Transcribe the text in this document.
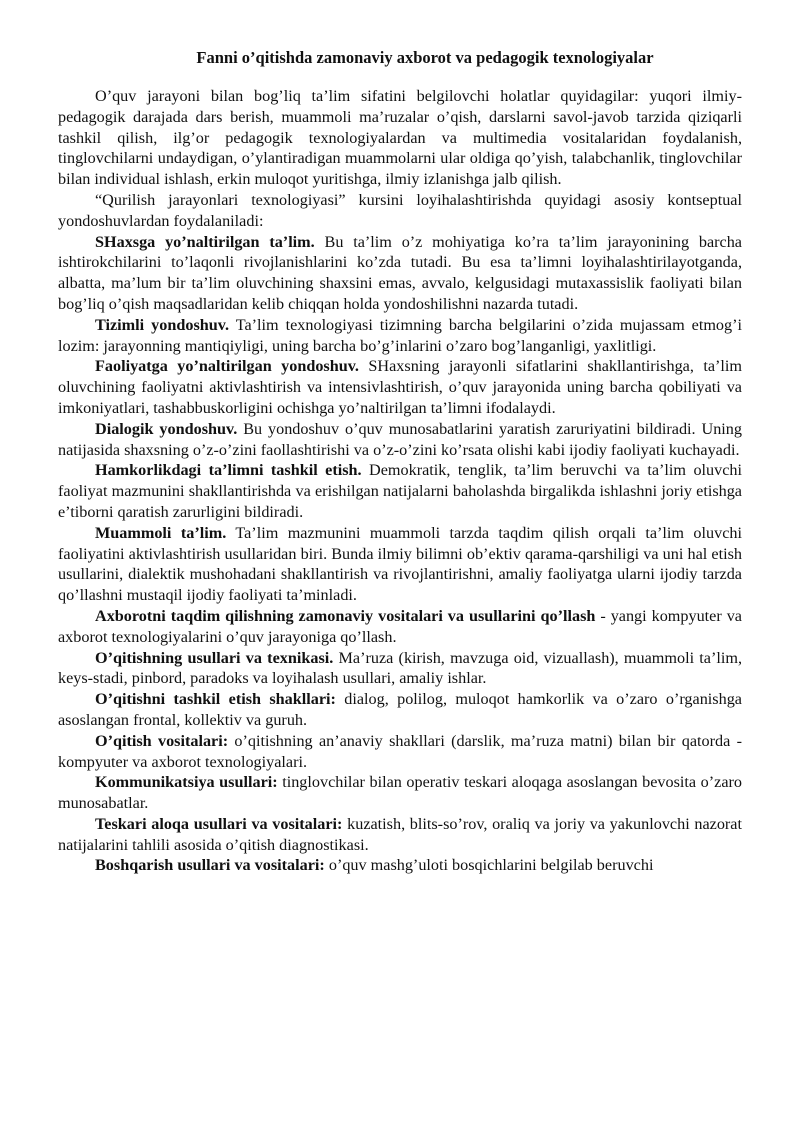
Fanni o’qitishda zamonaviy axborot va pedagogik texnologiyalar

O’quv jarayoni bilan bog’liq ta’lim sifatini belgilovchi holatlar quyidagilar: yuqori ilmiy-pedagogik darajada dars berish, muammoli ma’ruzalar o’qish, darslarni savol-javob tarzida qiziqarli tashkil qilish, ilg’or pedagogik texnologiyalardan va multimedia vositalaridan foydalanish, tinglovchilarni undaydigan, o’ylantiradigan muammolarni ular oldiga qo’yish, talabchanlik, tinglovchilar bilan individual ishlash, erkin muloqot yuritishga, ilmiy izlanishga jalb qilish.

“Qurilish jarayonlari texnologiyasi” kursini loyihalashtirishda quyidagi asosiy kontseptual yondoshuvlardan foydalaniladi:

SHaxsga yo’naltirilgan ta’lim. Bu ta’lim o’z mohiyatiga ko’ra ta’lim jarayonining barcha ishtirokchilarini to’laqonli rivojlanishlarini ko’zda tutadi. Bu esa ta’limni loyihalashtirilayotganda, albatta, ma’lum bir ta’lim oluvchining shaxsini emas, avvalo, kelgusidagi mutaxassislik faoliyati bilan bog’liq o’qish maqsadlaridan kelib chiqqan holda yondoshilishni nazarda tutadi.

Tizimli yondoshuv. Ta’lim texnologiyasi tizimning barcha belgilarini o’zida mujassam etmog’i lozim: jarayonning mantiqiyligi, uning barcha bo’g’inlarini o’zaro bog’langanligi, yaxlitligi.

Faoliyatga yo’naltirilgan yondoshuv. SHaxsning jarayonli sifatlarini shakllantirishga, ta’lim oluvchining faoliyatni aktivlashtirish va intensivlashtirish, o’quv jarayonida uning barcha qobiliyati va imkoniyatlari, tashabbuskorligini ochishga yo’naltirilgan ta’limni ifodalaydi.

Dialogik yondoshuv. Bu yondoshuv o’quv munosabatlarini yaratish zaruriyatini bildiradi. Uning natijasida shaxsning o’z-o’zini faollashtirishi va o’z-o’zini ko’rsata olishi kabi ijodiy faoliyati kuchayadi.

Hamkorlikdagi ta’limni tashkil etish. Demokratik, tenglik, ta’lim beruvchi va ta’lim oluvchi faoliyat mazmunini shakllantirishda va erishilgan natijalarni baholashda birgalikda ishlashni joriy etishga e’tiborni qaratish zarurligini bildiradi.

Muammoli ta’lim. Ta’lim mazmunini muammoli tarzda taqdim qilish orqali ta’lim oluvchi faoliyatini aktivlashtirish usullaridan biri. Bunda ilmiy bilimni ob’ektiv qarama-qarshiligi va uni hal etish usullarini, dialektik mushohadani shakllantirish va rivojlantirishni, amaliy faoliyatga ularni ijodiy tarzda qo’llashni mustaqil ijodiy faoliyati ta’minladi.

Axborotni taqdim qilishning zamonaviy vositalari va usullarini qo’llash - yangi kompyuter va axborot texnologiyalarini o’quv jarayoniga qo’llash.

O’qitishning usullari va texnikasi. Ma’ruza (kirish, mavzuga oid, vizuallash), muammoli ta’lim, keys-stadi, pinbord, paradoks va loyihalash usullari, amaliy ishlar.

O’qitishni tashkil etish shakllari: dialog, polilog, muloqot hamkorlik va o’zaro o’rganishga asoslangan frontal, kollektiv va guruh.

O’qitish vositalari: o’qitishning an’anaviy shakllari (darslik, ma’ruza matni) bilan bir qatorda - kompyuter va axborot texnologiyalari.

Kommunikatsiya usullari: tinglovchilar bilan operativ teskari aloqaga asoslangan bevosita o’zaro munosabatlar.

Teskari aloqa usullari va vositalari: kuzatish, blits-so’rov, oraliq va joriy va yakunlovchi nazorat natijalarini tahlili asosida o’qitish diagnostikasi.

Boshqarish usullari va vositalari: o’quv mashg’uloti bosqichlarini belgilab beruvchi
